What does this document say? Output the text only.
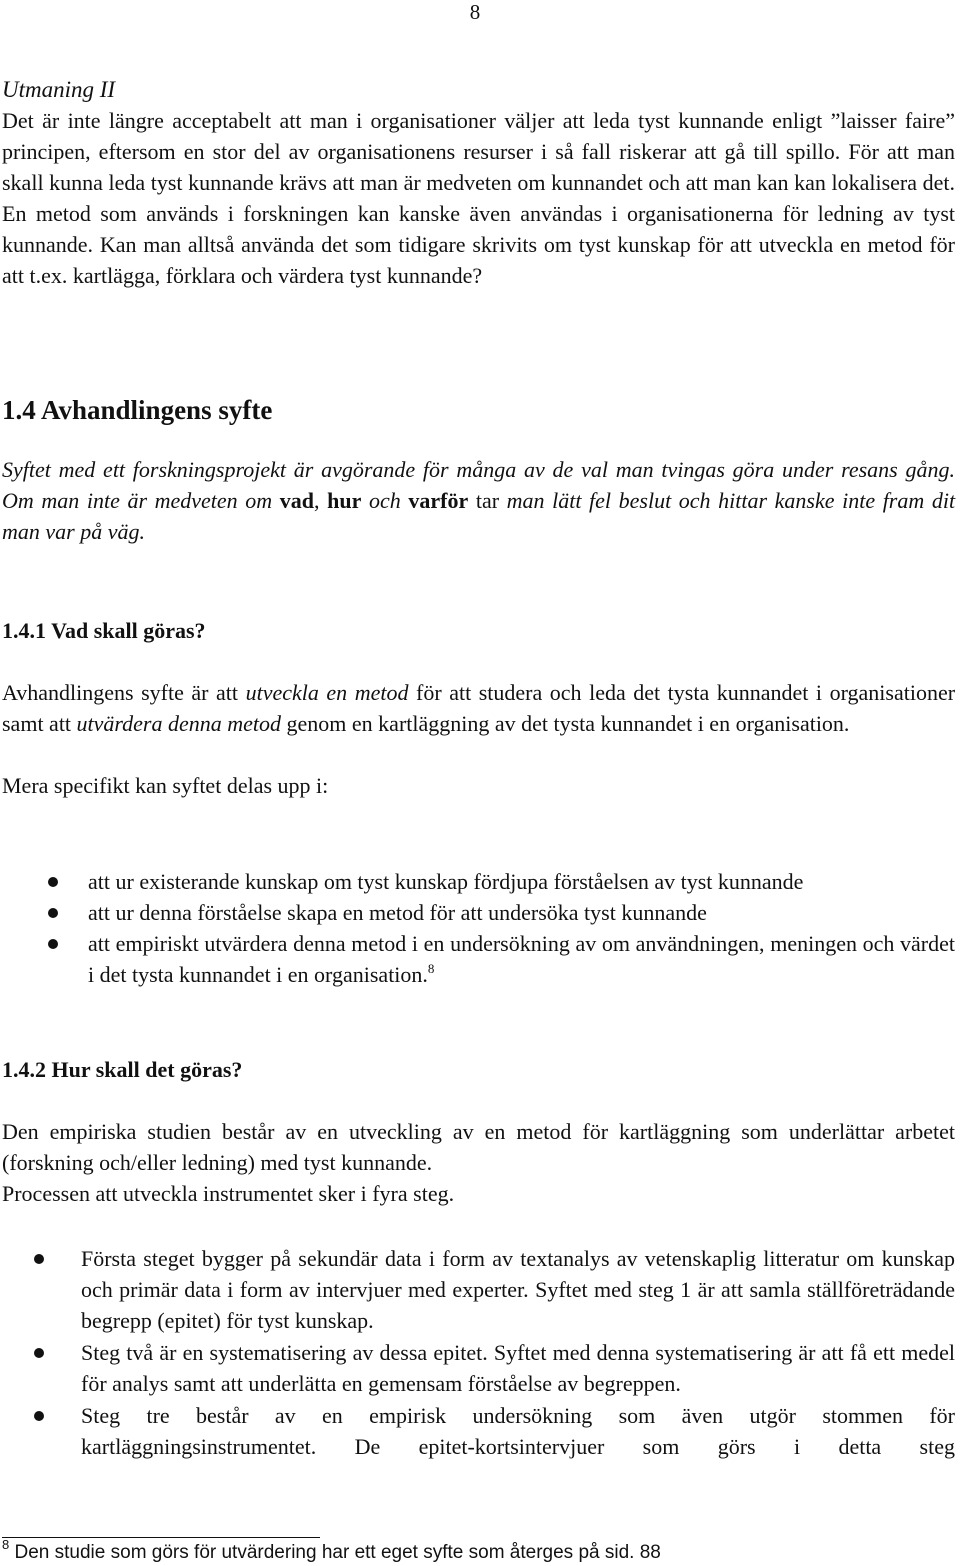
8
Utmaning II
Det är inte längre acceptabelt att man i organisationer väljer att leda tyst kunnande enligt ”laisser faire” principen, eftersom en stor del av organisationens resurser i så fall riskerar att gå till spillo. För att man skall kunna leda tyst kunnande krävs att man är medveten om kunnandet och att man kan kan lokalisera det. En metod som används i forskningen kan kanske även användas i organisationerna för ledning av tyst kunnande. Kan man alltså använda det som tidigare skrivits om tyst kunskap för att utveckla en metod för att t.ex. kartlägga, förklara och värdera tyst kunnande?
1.4 Avhandlingens syfte
Syftet med ett forskningsprojekt är avgörande för många av de val man tvingas göra under resans gång. Om man inte är medveten om vad, hur och varför tar man lätt fel beslut och hittar kanske inte fram dit man var på väg.
1.4.1 Vad skall göras?
Avhandlingens syfte är att utveckla en metod för att studera och leda det tysta kunnandet i organisationer samt att utvärdera denna metod genom en kartläggning av det tysta kunnandet i en organisation.
Mera specifikt kan syftet delas upp i:
att ur existerande kunskap om tyst kunskap fördjupa förståelsen av tyst kunnande
att ur denna förståelse skapa en metod för att undersöka tyst kunnande
att empiriskt utvärdera denna metod i en undersökning av om användningen, meningen och värdet i det tysta kunnandet i en organisation.$^8$
1.4.2 Hur skall det göras?
Den empiriska studien består av en utveckling av en metod för kartläggning som underlättar arbetet (forskning och/eller ledning) med tyst kunnande.
Processen att utveckla instrumentet sker i fyra steg.
Första steget bygger på sekundär data i form av textanalys av vetenskaplig litteratur om kunskap och primär data i form av intervjuer med experter. Syftet med steg 1 är att samla ställföreträdande begrepp (epitet) för tyst kunskap.
Steg två är en systematisering av dessa epitet. Syftet med denna systematisering är att få ett medel för analys samt att underlätta en gemensam förståelse av begreppen.
Steg tre består av en empirisk undersökning som även utgör stommen för kartläggningsinstrumentet. De epitet-kortsintervjuer som görs i detta steg
$^8$ Den studie som görs för utvärdering har ett eget syfte som återges på sid. 88
